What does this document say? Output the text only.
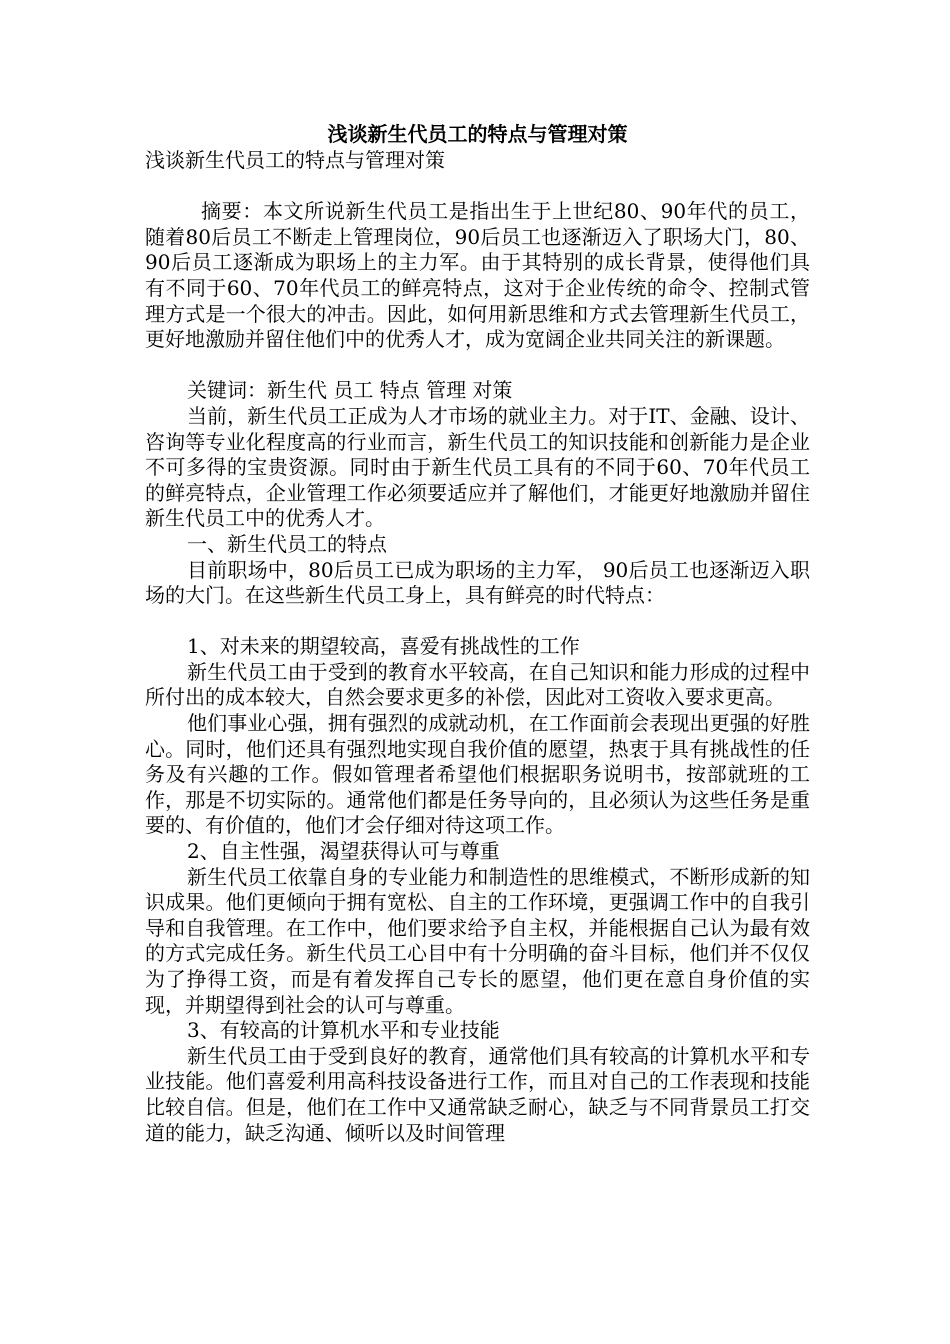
浅谈新生代员工的特点与管理对策

浅谈新生代员工的特点与管理对策

摘要：本文所说新生代员工是指出生于上世纪80、90年代的员工，随着80后员工不断走上管理岗位，90后员工也逐渐迈入了职场大门，80、90后员工逐渐成为职场上的主力军。由于其特别的成长背景，使得他们具有不同于60、70年代员工的鲜亮特点，这对于企业传统的命令、控制式管理方式是一个很大的冲击。因此，如何用新思维和方式去管理新生代员工，更好地激励并留住他们中的优秀人才，成为宽阔企业共同关注的新课题。

关键词：新生代 员工 特点 管理 对策

当前，新生代员工正成为人才市场的就业主力。对于IT、金融、设计、咨询等专业化程度高的行业而言，新生代员工的知识技能和创新能力是企业不可多得的宝贵资源。同时由于新生代员工具有的不同于60、70年代员工的鲜亮特点，企业管理工作必须要适应并了解他们，才能更好地激励并留住新生代员工中的优秀人才。

一、新生代员工的特点

目前职场中，80后员工已成为职场的主力军， 90后员工也逐渐迈入职场的大门。在这些新生代员工身上，具有鲜亮的时代特点：

1、对未来的期望较高，喜爱有挑战性的工作

新生代员工由于受到的教育水平较高，在自己知识和能力形成的过程中所付出的成本较大，自然会要求更多的补偿，因此对工资收入要求更高。

他们事业心强，拥有强烈的成就动机，在工作面前会表现出更强的好胜心。同时，他们还具有强烈地实现自我价值的愿望，热衷于具有挑战性的任务及有兴趣的工作。假如管理者希望他们根据职务说明书，按部就班的工作，那是不切实际的。通常他们都是任务导向的，且必须认为这些任务是重要的、有价值的，他们才会仔细对待这项工作。

2、自主性强，渴望获得认可与尊重

新生代员工依靠自身的专业能力和制造性的思维模式，不断形成新的知识成果。他们更倾向于拥有宽松、自主的工作环境，更强调工作中的自我引导和自我管理。在工作中，他们要求给予自主权，并能根据自己认为最有效的方式完成任务。新生代员工心目中有十分明确的奋斗目标，他们并不仅仅为了挣得工资，而是有着发挥自己专长的愿望，他们更在意自身价值的实现，并期望得到社会的认可与尊重。

3、有较高的计算机水平和专业技能

新生代员工由于受到良好的教育，通常他们具有较高的计算机水平和专业技能。他们喜爱利用高科技设备进行工作，而且对自己的工作表现和技能比较自信。但是，他们在工作中又通常缺乏耐心，缺乏与不同背景员工打交道的能力，缺乏沟通、倾听以及时间管理
